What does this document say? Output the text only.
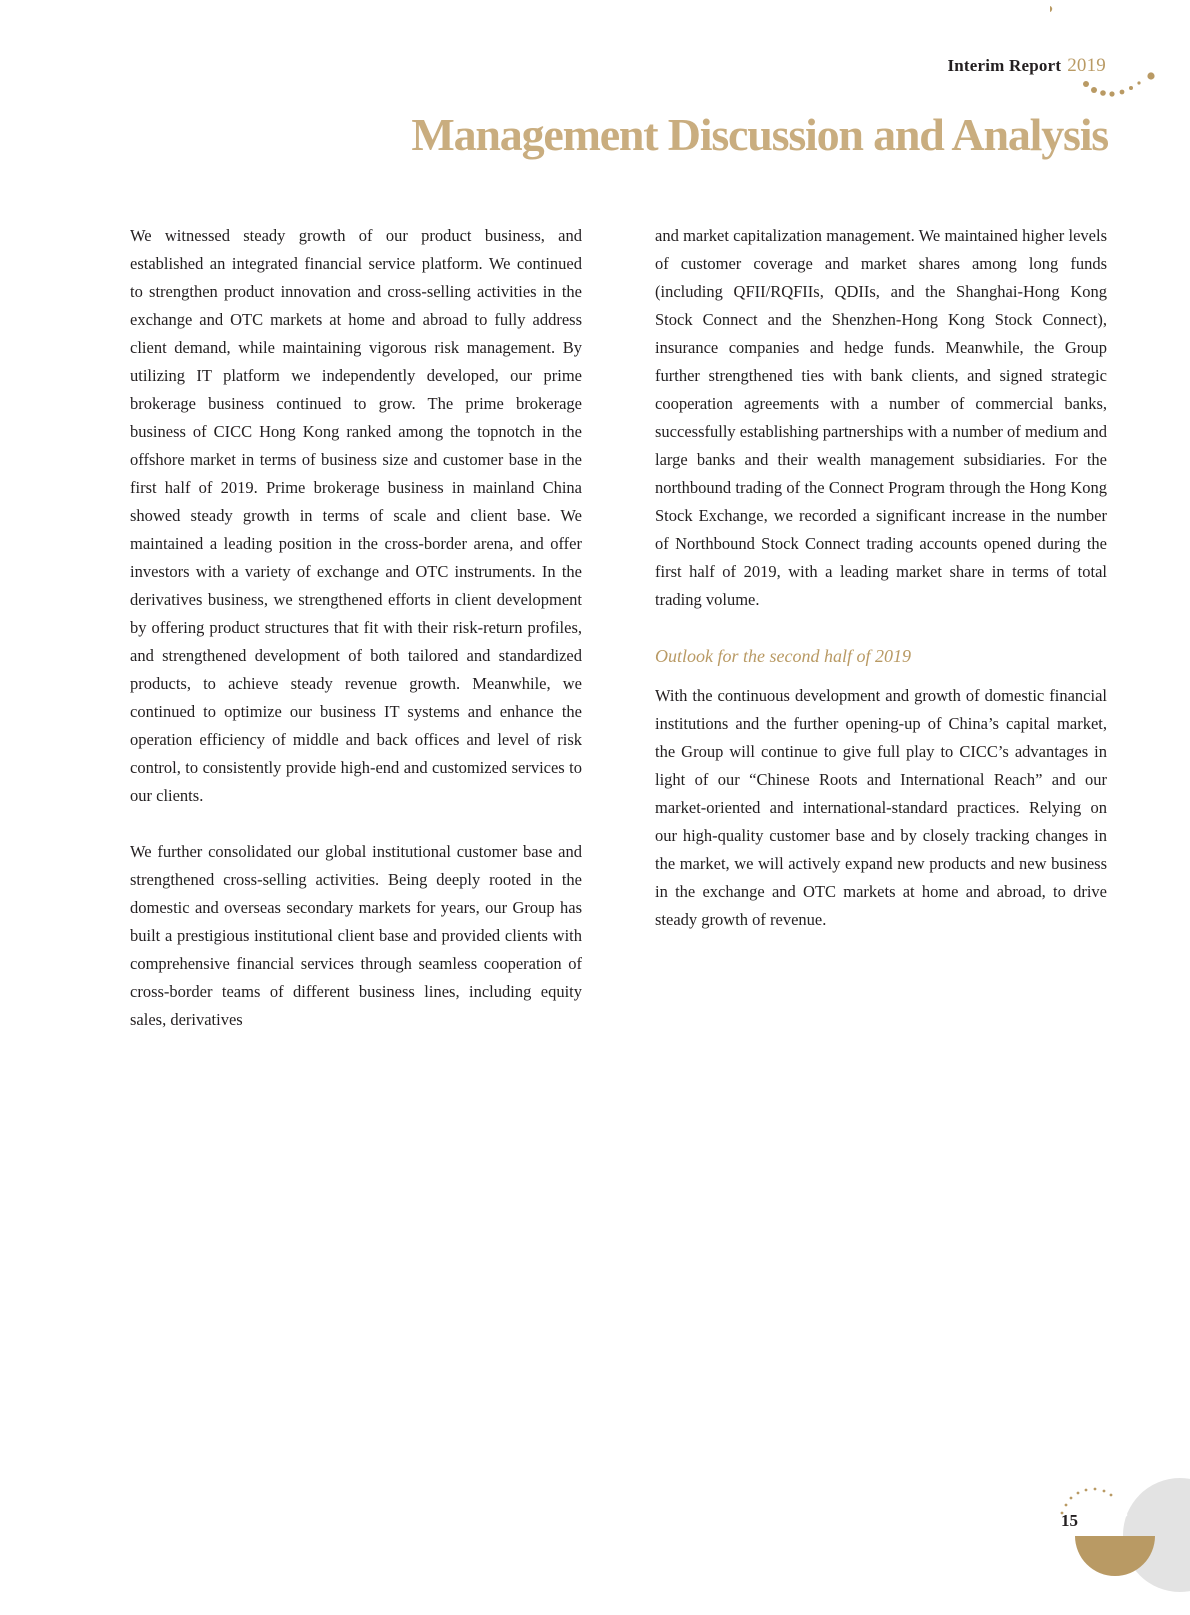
Interim Report 2019
Management Discussion and Analysis

We witnessed steady growth of our product business, and established an integrated financial service platform. We continued to strengthen product innovation and cross-selling activities in the exchange and OTC markets at home and abroad to fully address client demand, while maintaining vigorous risk management. By utilizing IT platform we independently developed, our prime brokerage business continued to grow. The prime brokerage business of CICC Hong Kong ranked among the topnotch in the offshore market in terms of business size and customer base in the first half of 2019. Prime brokerage business in mainland China showed steady growth in terms of scale and client base. We maintained a leading position in the cross-border arena, and offer investors with a variety of exchange and OTC instruments. In the derivatives business, we strengthened efforts in client development by offering product structures that fit with their risk-return profiles, and strengthened development of both tailored and standardized products, to achieve steady revenue growth. Meanwhile, we continued to optimize our business IT systems and enhance the operation efficiency of middle and back offices and level of risk control, to consistently provide high-end and customized services to our clients.

We further consolidated our global institutional customer base and strengthened cross-selling activities. Being deeply rooted in the domestic and overseas secondary markets for years, our Group has built a prestigious institutional client base and provided clients with comprehensive financial services through seamless cooperation of cross-border teams of different business lines, including equity sales, derivatives

and market capitalization management. We maintained higher levels of customer coverage and market shares among long funds (including QFII/RQFIIs, QDIIs, and the Shanghai-Hong Kong Stock Connect and the Shenzhen-Hong Kong Stock Connect), insurance companies and hedge funds. Meanwhile, the Group further strengthened ties with bank clients, and signed strategic cooperation agreements with a number of commercial banks, successfully establishing partnerships with a number of medium and large banks and their wealth management subsidiaries. For the northbound trading of the Connect Program through the Hong Kong Stock Exchange, we recorded a significant increase in the number of Northbound Stock Connect trading accounts opened during the first half of 2019, with a leading market share in terms of total trading volume.

Outlook for the second half of 2019

With the continuous development and growth of domestic financial institutions and the further opening-up of China’s capital market, the Group will continue to give full play to CICC’s advantages in light of our “Chinese Roots and International Reach” and our market-oriented and international-standard practices. Relying on our high-quality customer base and by closely tracking changes in the market, we will actively expand new products and new business in the exchange and OTC markets at home and abroad, to drive steady growth of revenue.

15
